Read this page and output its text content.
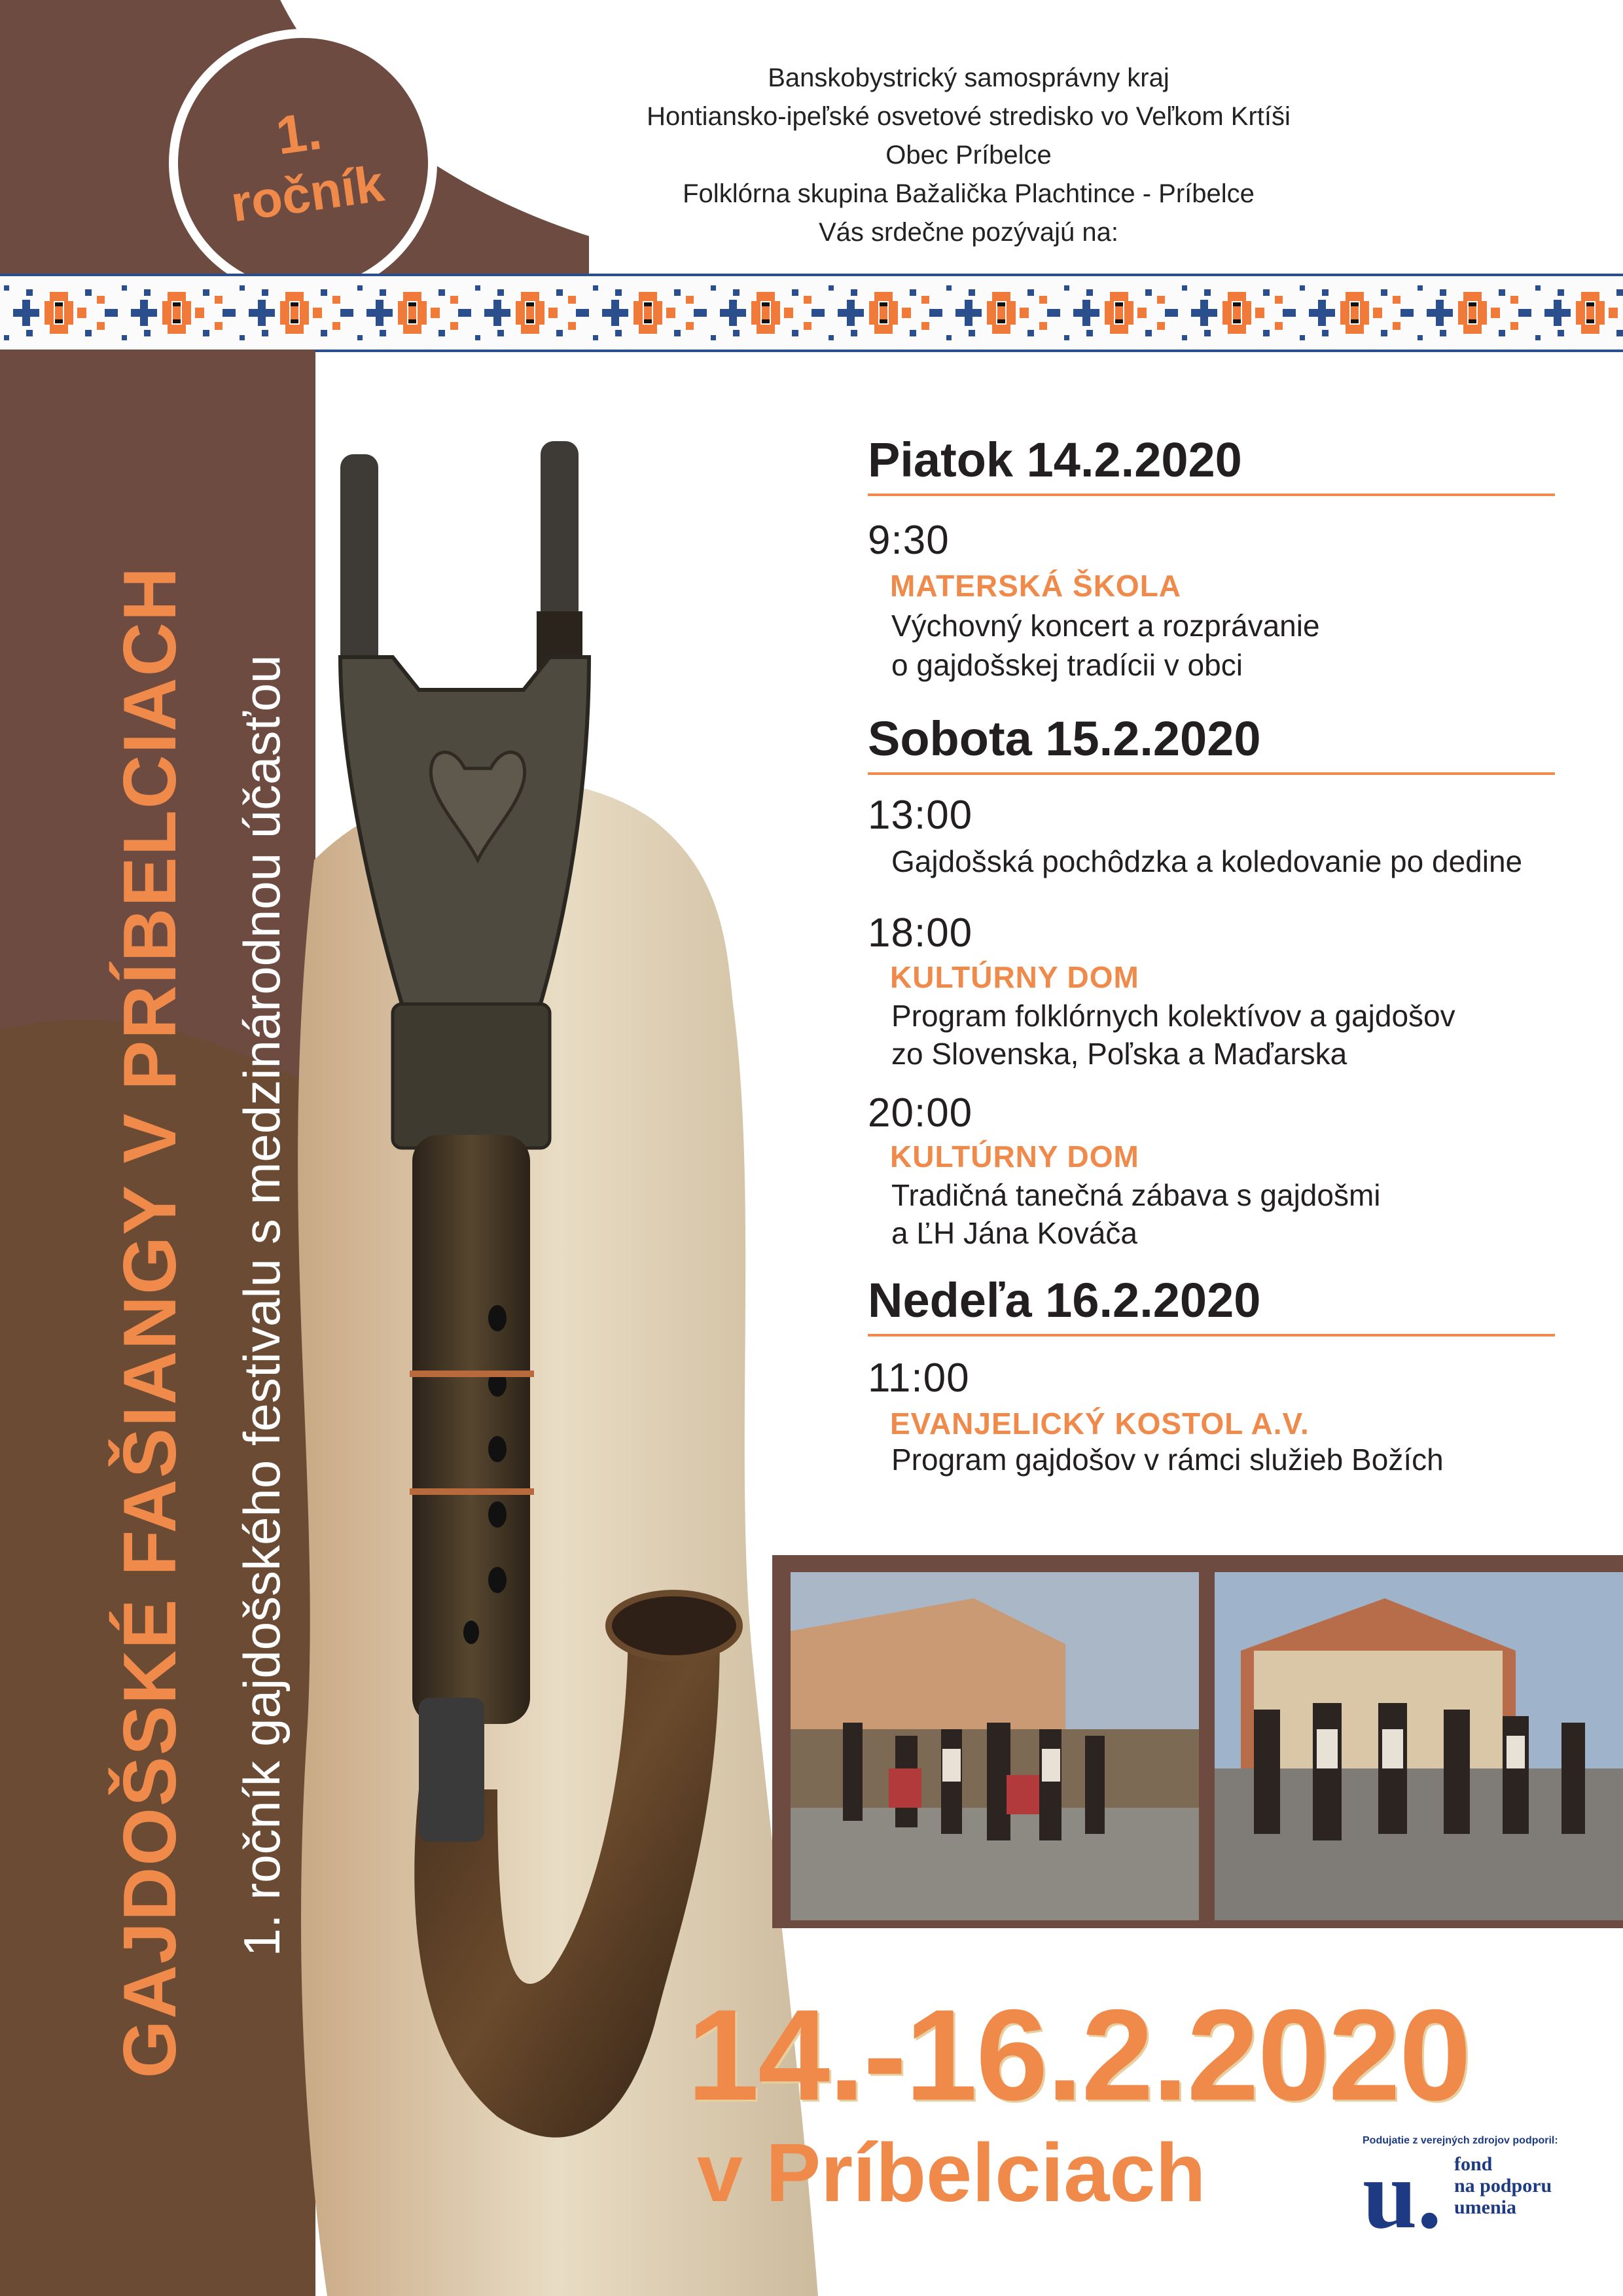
1.
ročník
Banskobystrický samosprávny kraj
Hontiansko-ipeľské osvetové stredisko vo Veľkom Krtíši
Obec Príbelce
Folklórna skupina Bažalička Plachtince - Príbelce
Vás srdečne pozývajú na:
GAJDOŠSKÉ FAŠIANGY V PRÍBELCIACH 1. ročník gajdošského festivalu s medzinárodnou účasťou
Piatok 14.2.2020
9:30
MATERSKÁ ŠKOLA
Výchovný koncert a rozprávanie
o gajdošskej tradícii v obci
Sobota 15.2.2020
13:00
Gajdošská pochôdzka a koledovanie po dedine
18:00
KULTÚRNY DOM
Program folklórnych kolektívov a gajdošov
zo Slovenska, Poľska a Maďarska
20:00
KULTÚRNY DOM
Tradičná tanečná zábava s gajdošmi
a ĽH Jána Kováča
Nedeľa 16.2.2020
11:00
EVANJELICKÝ KOSTOL A.V.
Program gajdošov v rámci služieb Božích
14.-16.2.2020
v Príbelciach	Podujatie z verejných zdrojov podporil:
u. fond
na podporu
umenia
